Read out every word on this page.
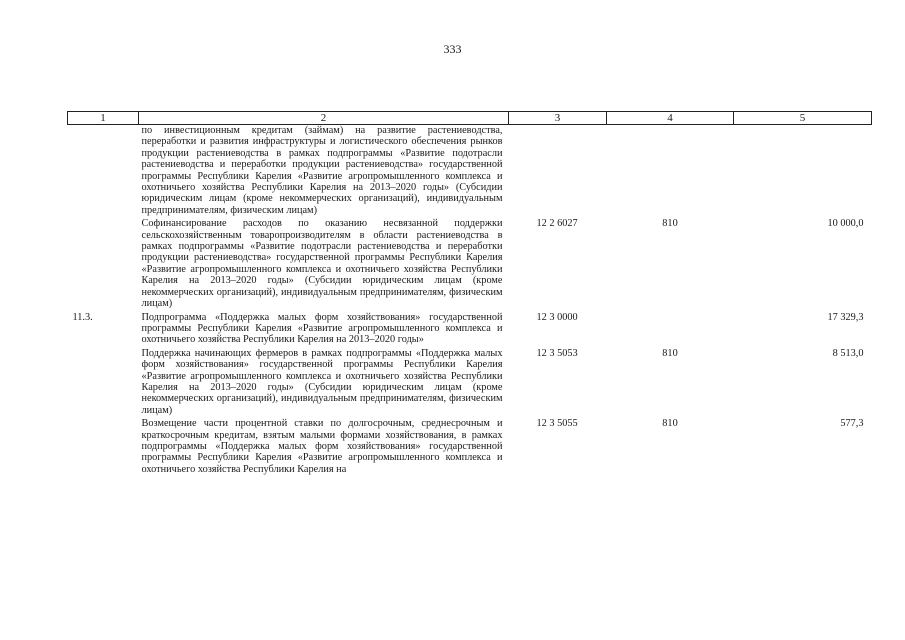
333
1	2	3	4	5
	по инвестиционным кредитам (займам) на развитие растениеводства, переработки и развития инфраструктуры и логистического обеспечения рынков продукции растениеводства в рамках подпрограммы «Развитие подотрасли растениеводства и переработки продукции растениеводства» государственной программы Республики Карелия «Развитие агропромышленного комплекса и охотничьего хозяйства Республики Карелия на 2013–2020 годы» (Субсидии юридическим лицам (кроме некоммерческих организаций), индивидуальным предпринимателям, физическим лицам)			
	Софинансирование расходов по оказанию несвязанной поддержки сельскохозяйственным товаропроизводителям в области растениеводства в рамках подпрограммы «Развитие подотрасли растениеводства и переработки продукции растениеводства» государственной программы Республики Карелия «Развитие агропромышленного комплекса и охотничьего хозяйства Республики Карелия на 2013–2020 годы» (Субсидии юридическим лицам (кроме некоммерческих организаций), индивидуальным предпринимателям, физическим лицам)	12 2 6027	810	10 000,0
11.3.	Подпрограмма «Поддержка малых форм хозяйствования» государственной программы Республики Карелия «Развитие агропромышленного комплекса и охотничьего хозяйства Республики Карелия на 2013–2020 годы»	12 3 0000		17 329,3
	Поддержка начинающих фермеров в рамках подпрограммы «Поддержка малых форм хозяйствования» государственной программы Республики Карелия «Развитие агропромышленного комплекса и охотничьего хозяйства Республики Карелия на 2013–2020 годы» (Субсидии юридическим лицам (кроме некоммерческих организаций), индивидуальным предпринимателям, физическим лицам)	12 3 5053	810	8 513,0
	Возмещение части процентной ставки по долгосрочным, среднесрочным и краткосрочным кредитам, взятым малыми формами хозяйствования, в рамках подпрограммы «Поддержка малых форм хозяйствования» государственной программы Республики Карелия «Развитие агропромышленного комплекса и охотничьего хозяйства Республики Карелия на	12 3 5055	810	577,3
